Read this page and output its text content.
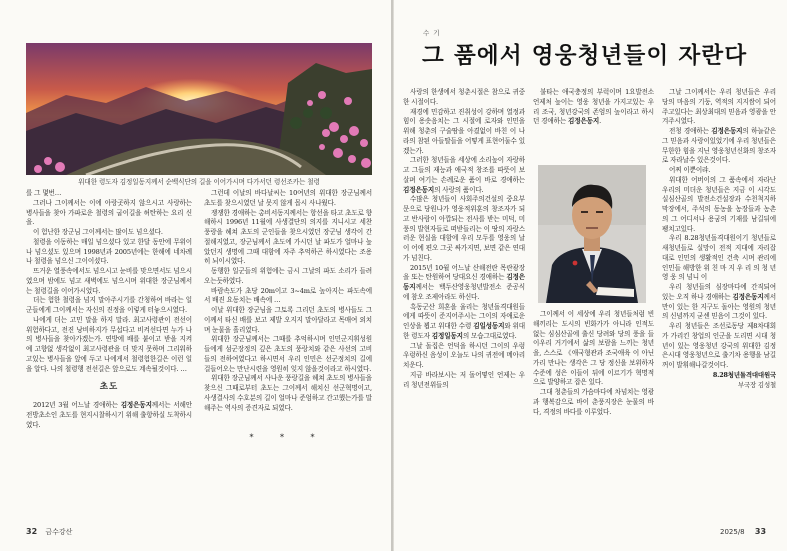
위대한 령도자 김정일동지께서 순백식단의 길을 이어가시며 다가서던 령선조카는 철령

를 그 몇번…

그러나 그이께서는 이에 아랑곳하지 않으시고 사랑하는 병사들을 찾아 가파로운 철령의 굽이길을 허탄하는 요리 신을.

이 험난한 장군님 그이께서는 많이도 넘으셨다.

철령을 이동하는 매일 넘으셨다 있고 한달 동안에 무위이나 넘으셨도 있으며 1998년과 2005년에는 한해에 네차례나 철령을 넘으신 그이이셨다.

뜨거운 열풍속에서도 넘으시고 눈비를 맞으면서도 넘으시였으며 밤에도 넘고 새벽에도 넘으시며 위대한 장군님께서는 철령길을 이어가시었다.

더는 험한 철령을 넘지 말아주시기를 간청하여 바라는 일군들에게 그이께서는 자신의 진정을 이렇게 터놓으시였다.

나에게 더는 고민 말을 하지 말라. 최고사령관이 전선이 위험하다고, 전진 낭비하지가 무섭다고 비켜선다면 누가 나의 병사들을 찾아가겠는가. 연방에 배를 붙이고 받을 지켜 예 고향없 생각없이 최고사령관을 더 맞지 못하며 그리워하고있는 병사들을 앞에 두고 나에게서 철령험한길은 이런 일을 알다. 나의 철령행 전선길은 앞으로도 계속될것이다. …

초도

2012년 3월 어느날 경애하는 김정은동지께서는 서해안전방초소인 초도를 현지시찰하시기 위해 출항하실 도착하시였다.

그런데 이날의 바다날씨는 10여년의 위대한 장군님께서 초도를 찾으시였던 날 못지 않게 몹시 사나웠다.

쟁쟁한 경애하는 총비서동지께서는 항선을 타고 초도로 향해하시 1996년 11월에 사생결단의 의지를 지니시고 세찬 풍랑을 헤쳐 초도의 군인들을 찾으시였던 장군님 생각이 간절해지였고, 장군님께서 초도에 가시던 날 파도가 얼마나 높았던지 생명에 그때 대함에 자주 추억하곤 하시였다는 조용히 뇌이시였다.

동행한 일군들의 위험에는 금시 그날의 파도 소리가 들려오는듯하였다.

바람속도가 초당 20m이고 3~4m로 높아지는 파도속에서 배진 요동치는 배속에 …

이날 위대한 장군님을 그토록 그리던 초도의 병사들도 그이께서 타신 배를 보고 제발 오지지 말아달라고 목매여 외치며 눈물을 흘리였다.

위대한 장군님께서는 그때를 추억하시며 인민군지휘성원들에게 섬군장정의 깊은 초도의 풍랑치와 같은 사선의 고비들의 전하여였다고 하시면서 우리 인민은 선군정치의 길에 걸들어오는 만난시련을 영원히 잊지 않을것이라고 하시였다.

위대한 장군님께서 사나운 풍랑길을 헤쳐 초도의 병사들을 찾으신 그때로부터 초도는 그이께서 해치신 선군혁명이고, 사생결사의 수호분의 길이 얼마나 준엄하고 간고했는가를 말해주는 역사의 증견자로 되였다.

* * *
32 금수강산
수기
그 품에서 영웅청년들이 자란다

사랑의 한생에서 청춘시절은 참으로 귀중한 시절이다.

재경에 민감하고 진취성이 강하며 열정과 힘이 용솟음치는 그 시절에 로자와 인민을 위해 청춘의 구술땀을 아겼없이 바친 이 나라의 참된 아들딸들을 어떻게 표현어둘수 있겠는가.

그러한 청년들을 세상에 소리높이 자랑하고 그들의 재능과 애국적 창조를 따뜻이 보살펴 여기는 손례로운 품이 바로 경애하는 김정은동지의 사랑의 품이다.

수많은 청년들이 사회주의건설의 중요부문으로 당원나가 영웅적위훈의 창조자가 되고 반사람이 아깝되는 전사를 받는 미덕, 미풍의 발현자들로 떠받들리는 이 땅의 자랑스러운 현실을 대함에 우리 모두를 영웅의 날이 어에 편오 그곳 싸가지면, 보면 같은 연대가 넘친다.

2015년 10월 어느날 산해전란 목란광장을 또는 탄원하여 당대요신 경애하는 김정은동지께서는 백두산영웅청년발전소 준공식에 참오 조제아라도 하신다.

흑동군산 희혼을 울리는 청년돌격대원들에게 따뜻이 준지어주시는 그이의 자애로운 인상을 뵙고 위대한 수령 김일성동지와 위대한 령도자 김정일동지의 모습그대로였다.

그날 돌집은 언덕을 하시던 그이의 우렁우렁하신 음성이 오늘도 나의 귀전에 메아리치운다.

지금 바라보시는 저 돌어떻인 언제는 우리 청년전위들의

불타는 애국충정의 부럭이며 1요발전소언제처 높이는 영웅 청년을 가지고있는 우리 조국, 청년강국의 존엄의 높이라고 하시던 경애하는 김정은동지.

그이께서 이 세상에 우리 청년들처럼 빈해끼리는 도시의 빈화가가 아니라 인적도 없는 심심산골에 출신 당려와 당의 풍을 들이우리 거기에서 삶의 보람을 느끼는 청년을, 스스로 《애국형관과 조국애육 이 아닌 가리 만나는 생각은 그 당 정신을 보위하자 수준에 성은 이들이 뒤에 이르기가 혁명적으로 발양하고 잡은 있다.

그대 청춘들의 가슴마다에 차넘치는 영광과 행복감으로 바이 춘풍지장은 눈물의 바다, 격정의 바다를 이루었다.

그날 그이께서는 우리 청년들은 우리 당의 마음의 기둥, 역적의 지지쌈이 되어주고있다는 최상최대의 믿음과 영광을 안겨주시였다.

전청 경애하는 김정은동지의 하늘같은 그 믿음과 사랑이있었기에 우리 청년들은 무한한 힘을 지닌 영웅청년신화의 창조자로 자라날수 있은것이다.

어찌 이뿐이랴.

위대한 어버이의 그 품속에서 자라난 우리의 미더운 청년들은 지금 이 시각도 실심산골의 발전소건설장과 수천척지하막장에서, 주석의 동농을 농장들과 농촌의 그 어디서나 용굼의 기재를 남길뒤에 팽치고있다.

우리 8.28청년돌격대원이기 청년들로 새청년들로 실망이 전적 지대에 자리잡 대로 인민의 생활적인 건축 시며 관리에 인민들 해방한 위 친 마 지 우 리 의 청 년 영 웅 의 넘니 이

우리 청년들의 심장마다에 간직되여 있는 오직 하나 경애하는 김정은동지께서만이 있는 한 지구도 돌아는 영원의 청년의 신념까지 굳센 믿음이 그것이 있다.

우리 청년들은 조선로동당 제8차대회가 가리킨 창업의 인군을 도리면 시대 청년이 있는 영웅청년 강국의 위대한 김정은시대 영웅청년으로 출기차 용행을 남길꺼이 발휘해나갈것이다.

8.28청년돌격대대원국
부국장 김성철
2025/8 33
